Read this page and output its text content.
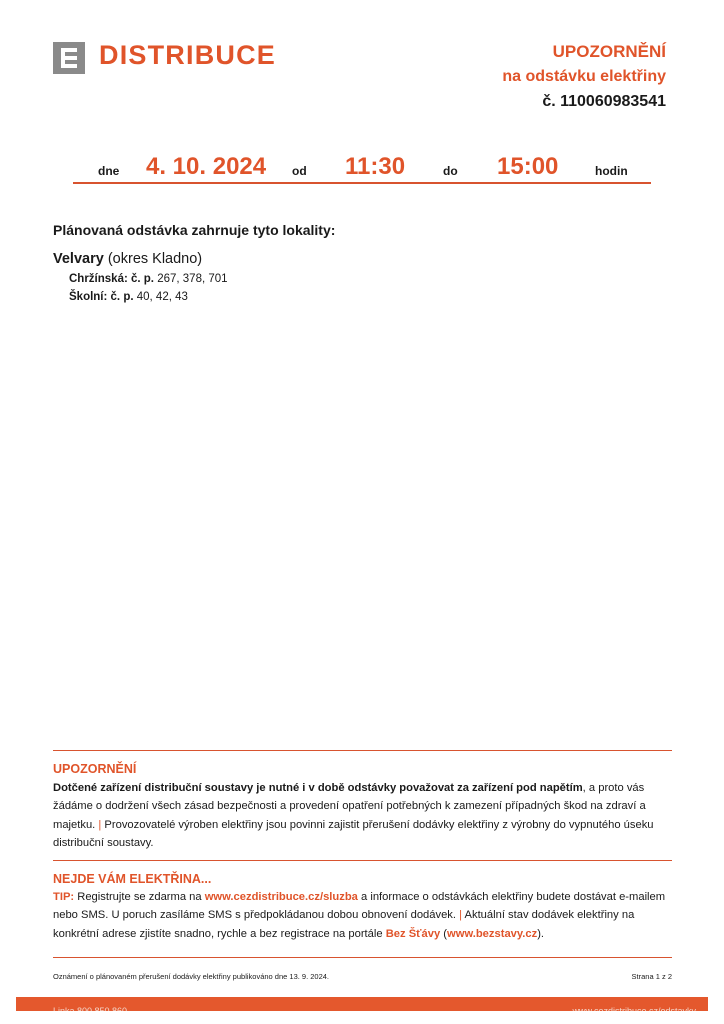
DISTRIBUCE	UPOZORNĚNÍ
na odstávku elektřiny
č. 110060983541
dne 4. 10. 2024 od 11:30	do 15:00	hodin
Plánovaná odstávka zahrnuje tyto lokality:
Velvary (okres Kladno)
Chržínská: č. p. 267, 378, 701
Školní: č. p. 40, 42, 43
UPOZORNĚNÍ
Dotčené zařízení distribuční soustavy je nutné i v době odstávky považovat za zařízení pod napětím, a proto vás žádáme o dodržení všech zásad bezpečnosti a provedení opatření potřebných k zamezení případných škod na zdraví a majetku. | Provozovatelé výroben elektřiny jsou povinni zajistit přerušení dodávky elektřiny z výrobny do vypnutého úseku distribuční soustavy.
NEJDE VÁM ELEKTŘINA...
TIP: Registrujte se zdarma na www.cezdistribuce.cz/sluzba a informace o odstávkách elektřiny budete dostávat e-mailem nebo SMS. U poruch zasíláme SMS s předpokládanou dobou obnovení dodávek. | Aktuální stav dodávek elektřiny na konkrétní adrese zjistíte snadno, rychle a bez registrace na portále Bez Šťávy (www.bezstavy.cz).
Oznámení o plánovaném přerušení dodávky elektřiny publikováno dne 13. 9. 2024.	Strana 1 z 2
